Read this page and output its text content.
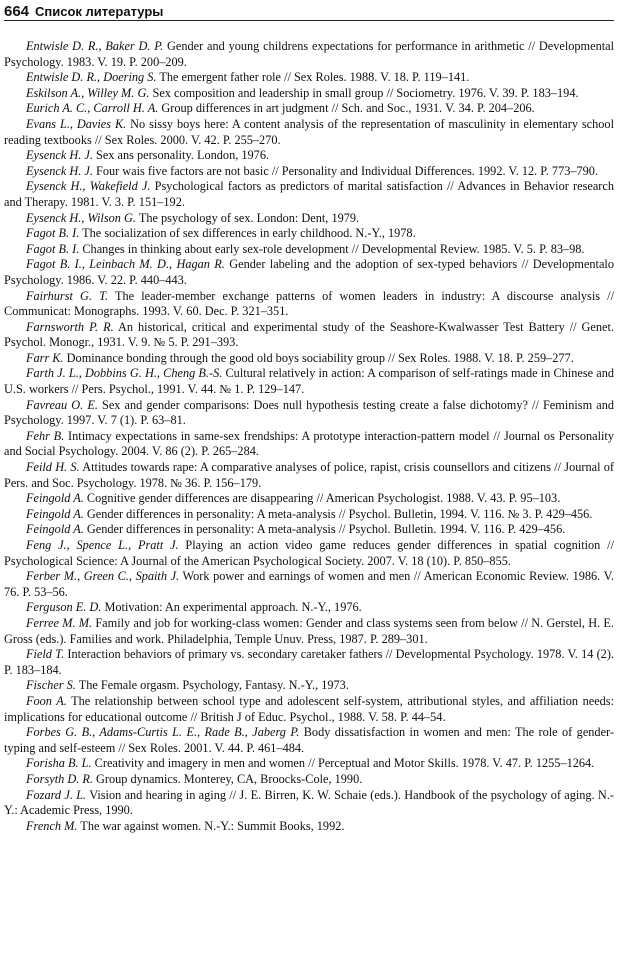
664 Список литературы

Entwisle D. R., Baker D. P. Gender and young childrens expectations for performance in arithmetic // Developmental Psychology. 1983. V. 19. P. 200–209.

Entwisle D. R., Doering S. The emergent father role // Sex Roles. 1988. V. 18. P. 119–141.

Eskilson A., Willey M. G. Sex composition and leadership in small group // Sociometry. 1976. V. 39. P. 183–194.

Eurich A. C., Carroll H. A. Group differences in art judgment // Sch. and Soc., 1931. V. 34. P. 204–206.

Evans L., Davies K. No sissy boys here: A content analysis of the representation of masculinity in elementary school reading textbooks // Sex Roles. 2000. V. 42. P. 255–270.

Eysenck H. J. Sex ans personality. London, 1976.

Eysenck H. J. Four wais five factors are not basic // Personality and Individual Differences. 1992. V. 12. P. 773–790.

Eysenck H., Wakefield J. Psychological factors as predictors of marital satisfaction // Advances in Behavior research and Therapy. 1981. V. 3. P. 151–192.

Eysenck H., Wilson G. The psychology of sex. London: Dent, 1979.

Fagot B. I. The socialization of sex differences in early childhood. N.-Y., 1978.

Fagot B. I. Changes in thinking about early sex-role development // Developmental Review. 1985. V. 5. P. 83–98.

Fagot B. I., Leinbach M. D., Hagan R. Gender labeling and the adoption of sex-typed behaviors // Developmentalo Psychology. 1986. V. 22. P. 440–443.

Fairhurst G. T. The leader-member exchange patterns of women leaders in industry: A discourse analysis // Communicat: Monographs. 1993. V. 60. Dec. P. 321–351.

Farnsworth P. R. An historical, critical and experimental study of the Seashore-Kwalwasser Test Battery // Genet. Psychol. Monogr., 1931. V. 9. № 5. P. 291–393.

Farr K. Dominance bonding through the good old boys sociability group // Sex Roles. 1988. V. 18. P. 259–277.

Farth J. L., Dobbins G. H., Cheng B.-S. Cultural relatively in action: A comparison of self-ratings made in Chinese and U.S. workers // Pers. Psychol., 1991. V. 44. № 1. P. 129–147.

Favreau O. E. Sex and gender comparisons: Does null hypothesis testing create a false dichotomy? // Feminism and Psychology. 1997. V. 7 (1). P. 63–81.

Fehr B. Intimacy expectations in same-sex frendships: A prototype interaction-pattern model // Journal os Personality and Social Psychology. 2004. V. 86 (2). P. 265–284.

Feild H. S. Attitudes towards rape: A comparative analyses of police, rapist, crisis counsellors and citizens // Journal of Pers. and Soc. Psychology. 1978. № 36. P. 156–179.

Feingold A. Cognitive gender differences are disappearing // American Psychologist. 1988. V. 43. P. 95–103.

Feingold A. Gender differences in personality: A meta-analysis // Psychol. Bulletin, 1994. V. 116. № 3. P. 429–456.

Feingold A. Gender differences in personality: A meta-analysis // Psychol. Bulletin. 1994. V. 116. P. 429–456.

Feng J., Spence L., Pratt J. Playing an action video game reduces gender differences in spatial cognition // Psychological Science: A Journal of the American Psychological Society. 2007. V. 18 (10). P. 850–855.

Ferber M., Green C., Spaith J. Work power and earnings of women and men // American Economic Review. 1986. V. 76. P. 53–56.

Ferguson E. D. Motivation: An experimental approach. N.-Y., 1976.

Ferree M. M. Family and job for working-class women: Gender and class systems seen from below // N. Gerstel, H. E. Gross (eds.). Families and work. Philadelphia, Temple Unuv. Press, 1987. P. 289–301.

Field T. Interaction behaviors of primary vs. secondary caretaker fathers // Developmental Psychology. 1978. V. 14 (2). P. 183–184.

Fischer S. The Female orgasm. Psychology, Fantasy. N.-Y., 1973.

Foon A. The relationship between school type and adolescent self-system, attributional styles, and affiliation needs: implications for educational outcome // British J of Educ. Psychol., 1988. V. 58. P. 44–54.

Forbes G. B., Adams-Curtis L. E., Rade B., Jaberg P. Body dissatisfaction in women and men: The role of gender-typing and self-esteem // Sex Roles. 2001. V. 44. P. 461–484.

Forisha B. L. Creativity and imagery in men and women // Perceptual and Motor Skills. 1978. V. 47. P. 1255–1264.

Forsyth D. R. Group dynamics. Monterey, CA, Broocks-Cole, 1990.

Fozard J. L. Vision and hearing in aging // J. E. Birren, K. W. Schaie (eds.). Handbook of the psychology of aging. N.-Y.: Academic Press, 1990.

French M. The war against women. N.-Y.: Summit Books, 1992.
